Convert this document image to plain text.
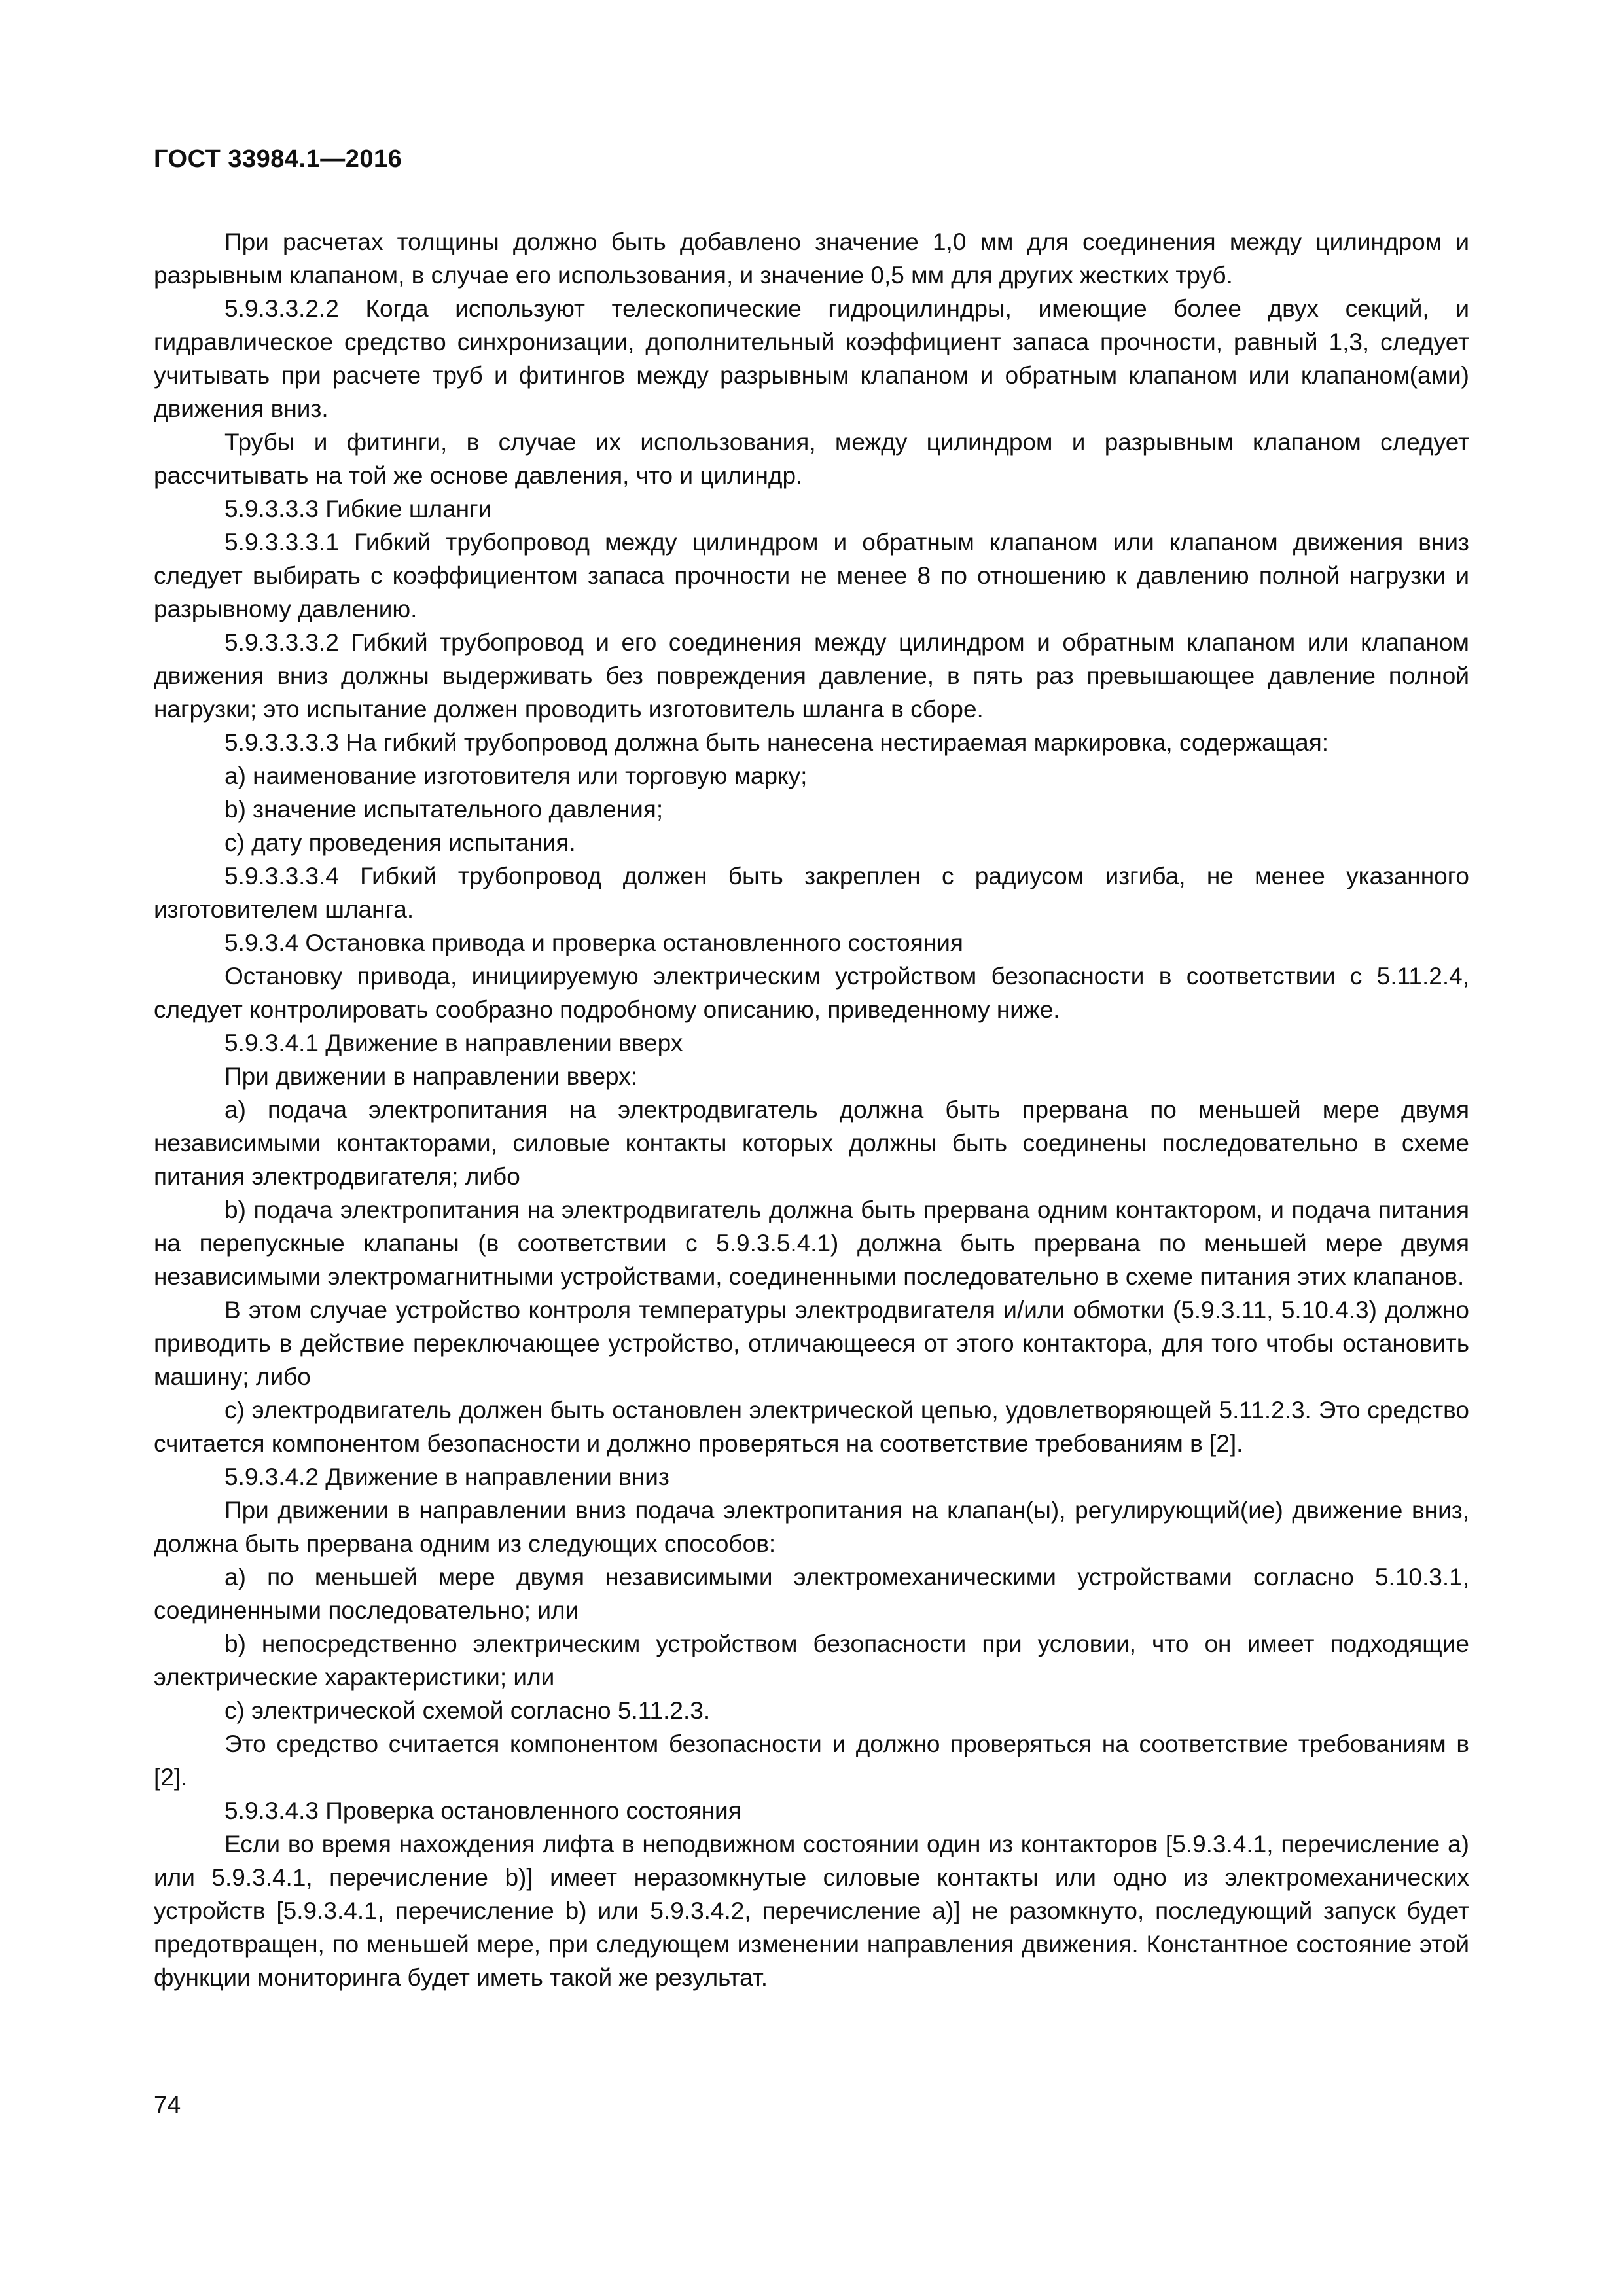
ГОСТ 33984.1—2016

При расчетах толщины должно быть добавлено значение 1,0 мм для соединения между цилиндром и разрывным клапаном, в случае его использования, и значение 0,5 мм для других жестких труб.

5.9.3.3.2.2 Когда используют телескопические гидроцилиндры, имеющие более двух секций, и гидравлическое средство синхронизации, дополнительный коэффициент запаса прочности, равный 1,3, следует учитывать при расчете труб и фитингов между разрывным клапаном и обратным клапаном или клапаном(ами) движения вниз.

Трубы и фитинги, в случае их использования, между цилиндром и разрывным клапаном следует рассчитывать на той же основе давления, что и цилиндр.

5.9.3.3.3 Гибкие шланги

5.9.3.3.3.1 Гибкий трубопровод между цилиндром и обратным клапаном или клапаном движения вниз следует выбирать с коэффициентом запаса прочности не менее 8 по отношению к давлению полной нагрузки и разрывному давлению.

5.9.3.3.3.2 Гибкий трубопровод и его соединения между цилиндром и обратным клапаном или клапаном движения вниз должны выдерживать без повреждения давление, в пять раз превышающее давление полной нагрузки; это испытание должен проводить изготовитель шланга в сборе.

5.9.3.3.3.3 На гибкий трубопровод должна быть нанесена нестираемая маркировка, содержащая:

a) наименование изготовителя или торговую марку;

b) значение испытательного давления;

c) дату проведения испытания.

5.9.3.3.3.4 Гибкий трубопровод должен быть закреплен с радиусом изгиба, не менее указанного изготовителем шланга.

5.9.3.4 Остановка привода и проверка остановленного состояния

Остановку привода, инициируемую электрическим устройством безопасности в соответствии с 5.11.2.4, следует контролировать сообразно подробному описанию, приведенному ниже.

5.9.3.4.1 Движение в направлении вверх

При движении в направлении вверх:

a) подача электропитания на электродвигатель должна быть прервана по меньшей мере двумя независимыми контакторами, силовые контакты которых должны быть соединены последовательно в схеме питания электродвигателя; либо

b) подача электропитания на электродвигатель должна быть прервана одним контактором, и подача питания на перепускные клапаны (в соответствии с 5.9.3.5.4.1) должна быть прервана по меньшей мере двумя независимыми электромагнитными устройствами, соединенными последовательно в схеме питания этих клапанов.

В этом случае устройство контроля температуры электродвигателя и/или обмотки (5.9.3.11, 5.10.4.3) должно приводить в действие переключающее устройство, отличающееся от этого контактора, для того чтобы остановить машину; либо

c) электродвигатель должен быть остановлен электрической цепью, удовлетворяющей 5.11.2.3. Это средство считается компонентом безопасности и должно проверяться на соответствие требованиям в [2].

5.9.3.4.2 Движение в направлении вниз

При движении в направлении вниз подача электропитания на клапан(ы), регулирующий(ие) движение вниз, должна быть прервана одним из следующих способов:

a) по меньшей мере двумя независимыми электромеханическими устройствами согласно 5.10.3.1, соединенными последовательно; или

b) непосредственно электрическим устройством безопасности при условии, что он имеет подходящие электрические характеристики; или

c) электрической схемой согласно 5.11.2.3.

Это средство считается компонентом безопасности и должно проверяться на соответствие требованиям в [2].

5.9.3.4.3 Проверка остановленного состояния

Если во время нахождения лифта в неподвижном состоянии один из контакторов [5.9.3.4.1, перечисление a) или 5.9.3.4.1, перечисление b)] имеет неразомкнутые силовые контакты или одно из электромеханических устройств [5.9.3.4.1, перечисление b) или 5.9.3.4.2, перечисление a)] не разомкнуто, последующий запуск будет предотвращен, по меньшей мере, при следующем изменении направления движения. Константное состояние этой функции мониторинга будет иметь такой же результат.

74
